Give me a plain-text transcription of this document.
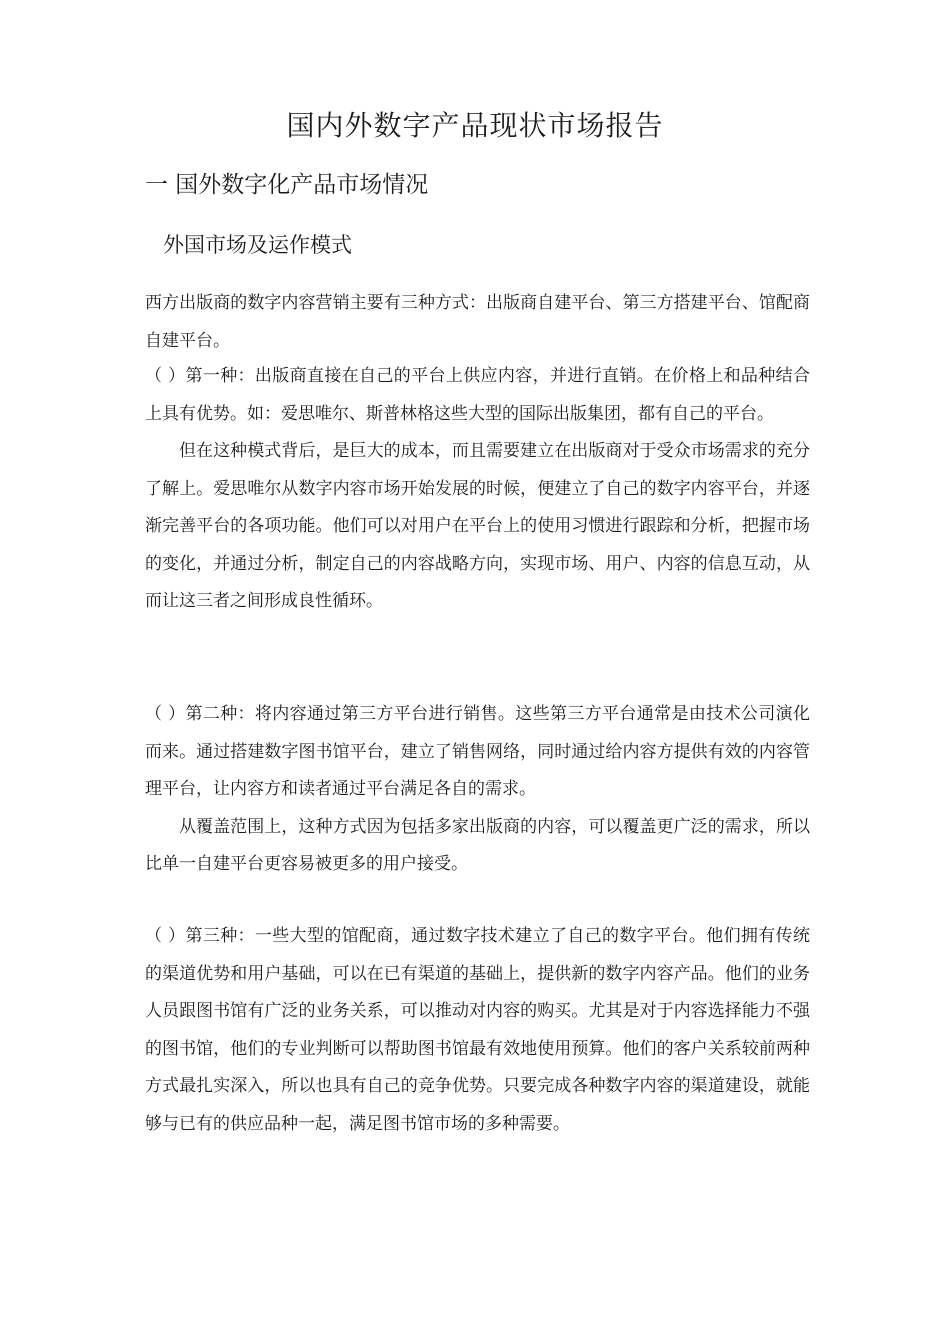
国内外数字产品现状市场报告
一 国外数字化产品市场情况
外国市场及运作模式

西方出版商的数字内容营销主要有三种方式：出版商自建平台、第三方搭建平台、馆配商自建平台。

（ ）第一种：出版商直接在自己的平台上供应内容，并进行直销。在价格上和品种结合上具有优势。如：爱思唯尔、斯普林格这些大型的国际出版集团，都有自己的平台。

但在这种模式背后，是巨大的成本，而且需要建立在出版商对于受众市场需求的充分了解上。爱思唯尔从数字内容市场开始发展的时候，便建立了自己的数字内容平台，并逐渐完善平台的各项功能。他们可以对用户在平台上的使用习惯进行跟踪和分析，把握市场的变化，并通过分析，制定自己的内容战略方向，实现市场、用户、内容的信息互动，从而让这三者之间形成良性循环。

（ ）第二种：将内容通过第三方平台进行销售。这些第三方平台通常是由技术公司演化而来。通过搭建数字图书馆平台，建立了销售网络，同时通过给内容方提供有效的内容管理平台，让内容方和读者通过平台满足各自的需求。

从覆盖范围上，这种方式因为包括多家出版商的内容，可以覆盖更广泛的需求，所以比单一自建平台更容易被更多的用户接受。

（ ）第三种：一些大型的馆配商，通过数字技术建立了自己的数字平台。他们拥有传统的渠道优势和用户基础，可以在已有渠道的基础上，提供新的数字内容产品。他们的业务人员跟图书馆有广泛的业务关系，可以推动对内容的购买。尤其是对于内容选择能力不强的图书馆，他们的专业判断可以帮助图书馆最有效地使用预算。他们的客户关系较前两种方式最扎实深入，所以也具有自己的竞争优势。只要完成各种数字内容的渠道建设，就能够与已有的供应品种一起，满足图书馆市场的多种需要。
